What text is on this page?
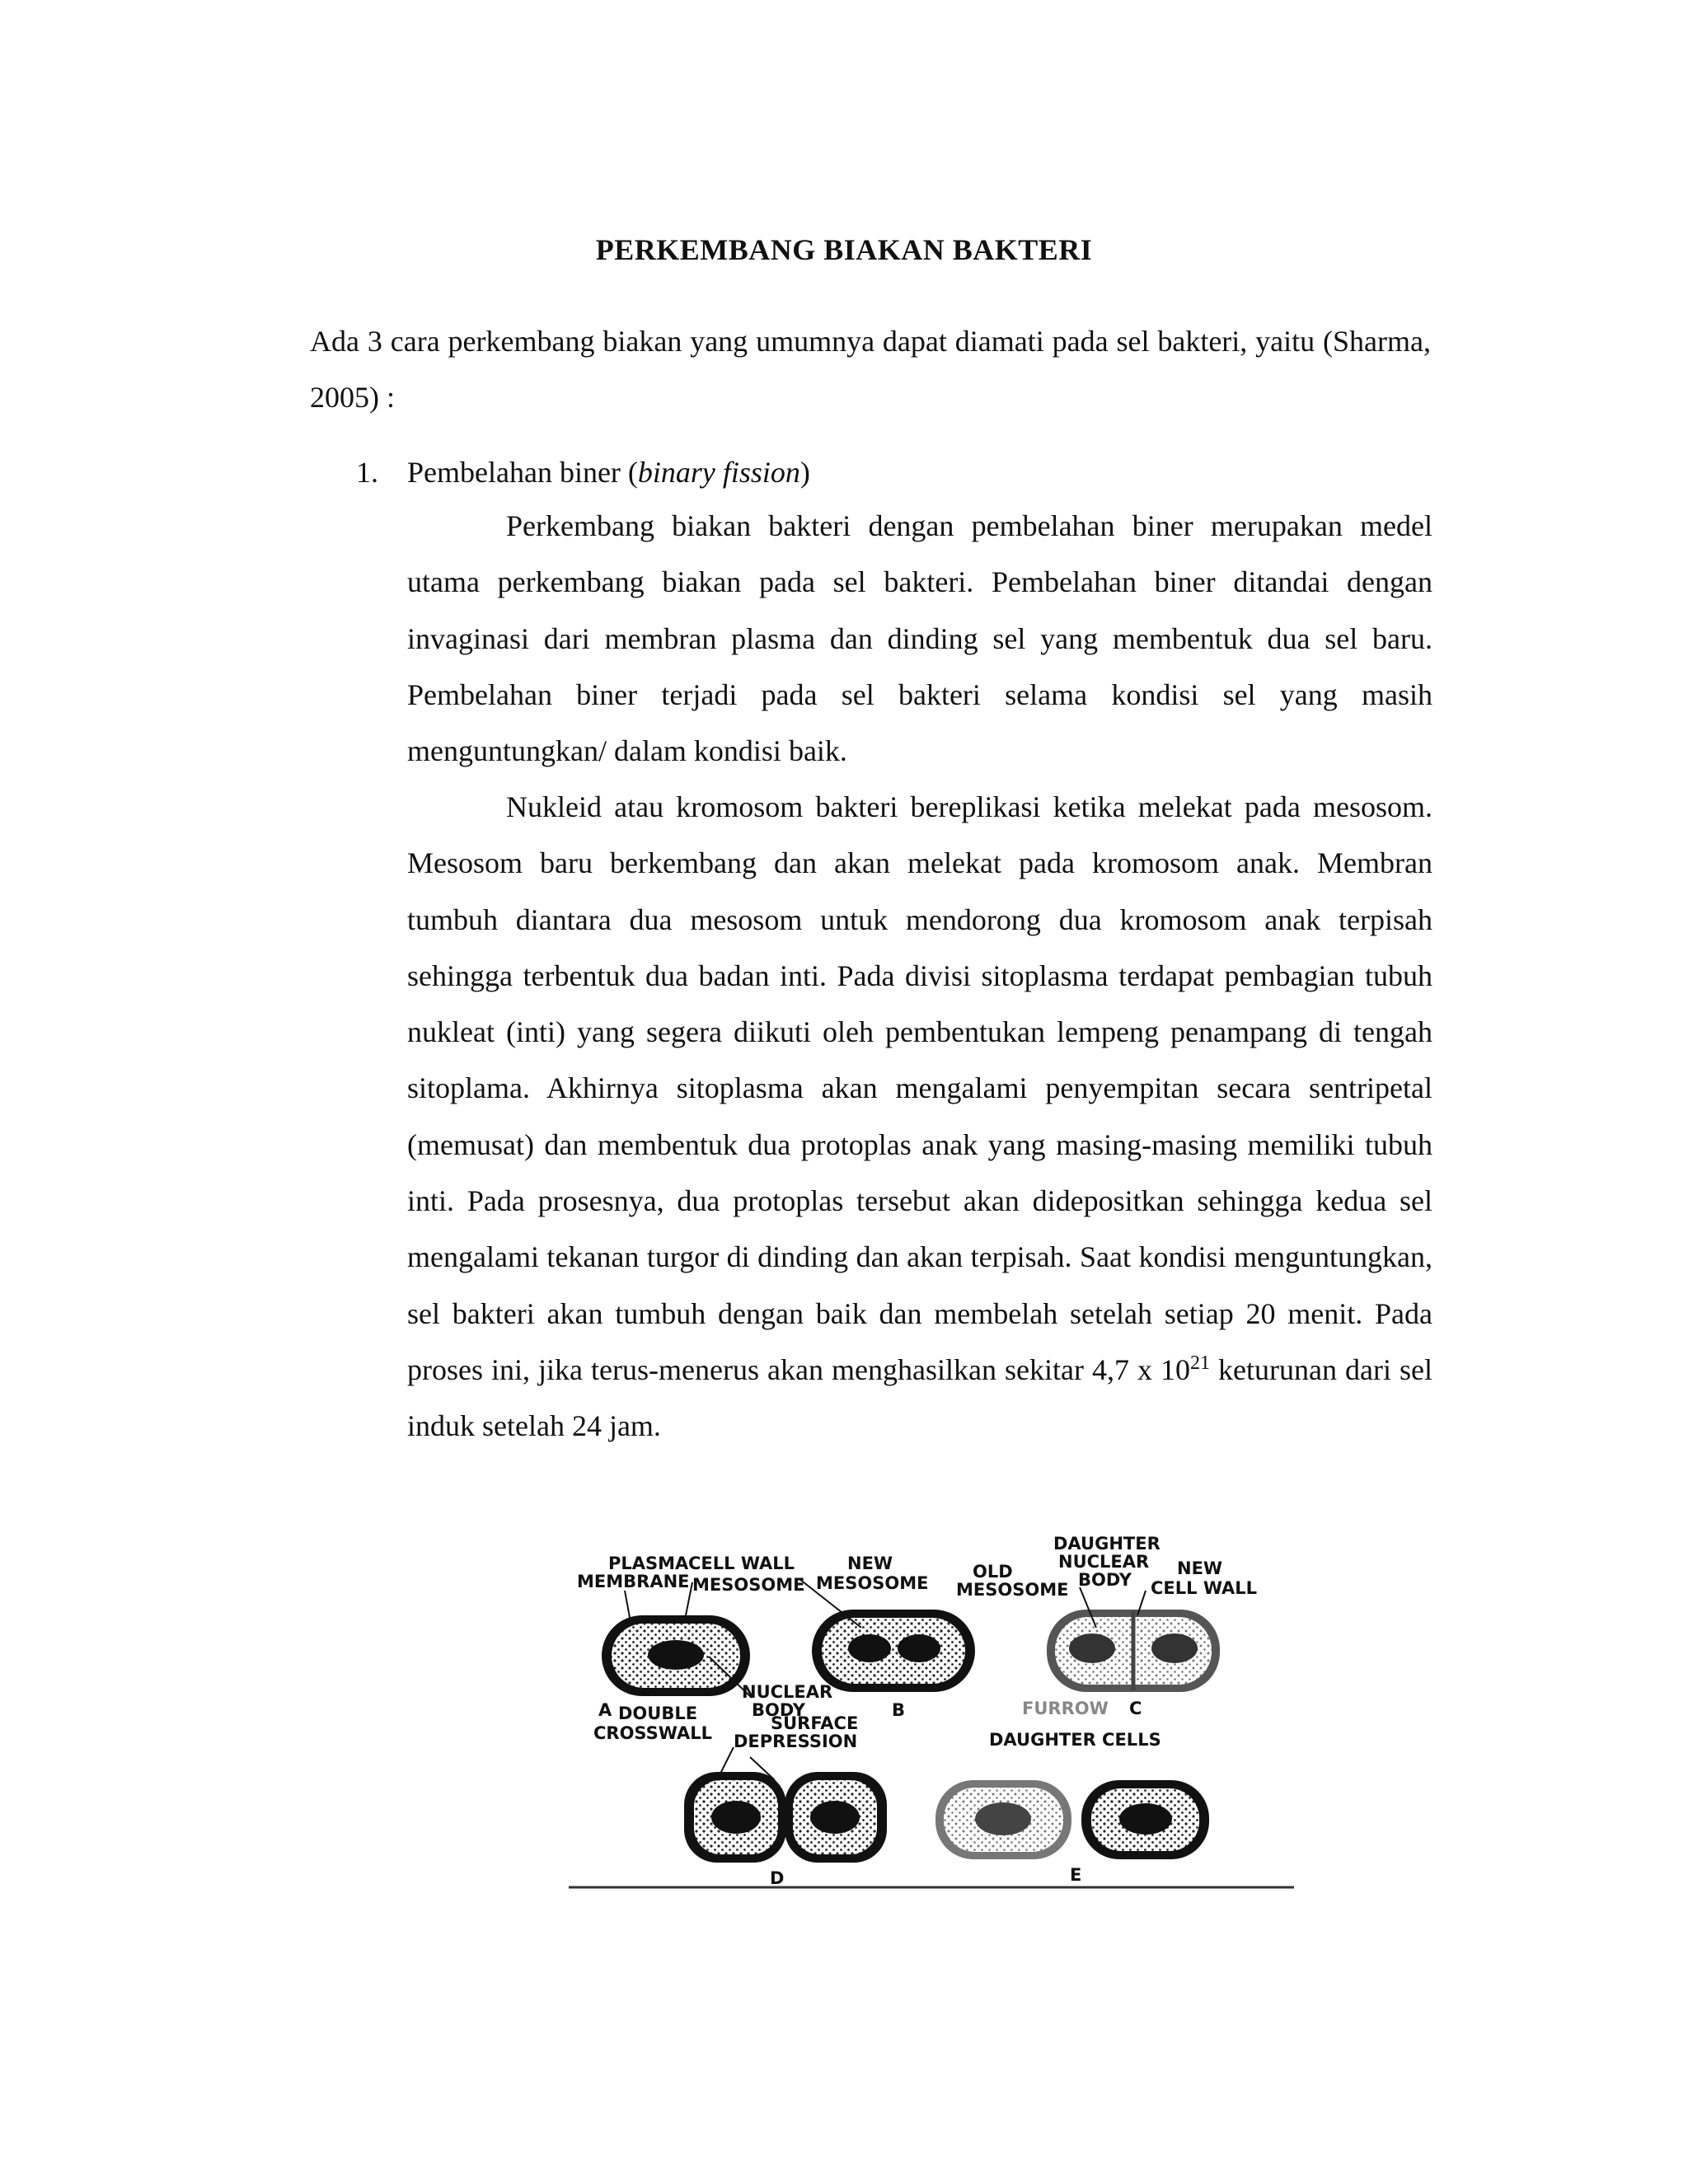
PERKEMBANG BIAKAN BAKTERI
Ada 3 cara perkembang biakan yang umumnya dapat diamati pada sel bakteri, yaitu (Sharma, 2005) :
1. Pembelahan biner (binary fission)

Perkembang biakan bakteri dengan pembelahan biner merupakan medel utama perkembang biakan pada sel bakteri. Pembelahan biner ditandai dengan invaginasi dari membran plasma dan dinding sel yang membentuk dua sel baru. Pembelahan biner terjadi pada sel bakteri selama kondisi sel yang masih menguntungkan/ dalam kondisi baik.

Nukleid atau kromosom bakteri bereplikasi ketika melekat pada mesosom. Mesosom baru berkembang dan akan melekat pada kromosom anak. Membran tumbuh diantara dua mesosom untuk mendorong dua kromosom anak terpisah sehingga terbentuk dua badan inti. Pada divisi sitoplasma terdapat pembagian tubuh nukleat (inti) yang segera diikuti oleh pembentukan lempeng penampang di tengah sitoplama. Akhirnya sitoplasma akan mengalami penyempitan secara sentripetal (memusat) dan membentuk dua protoplas anak yang masing-masing memiliki tubuh inti. Pada prosesnya, dua protoplas tersebut akan didepositkan sehingga kedua sel mengalami tekanan turgor di dinding dan akan terpisah. Saat kondisi menguntungkan, sel bakteri akan tumbuh dengan baik dan membelah setelah setiap 20 menit. Pada proses ini, jika terus-menerus akan menghasilkan sekitar 4,7 x $10^{21}$ keturunan dari sel induk setelah 24 jam.

PLASMA
MEMBRANE
CELL WALL
MESOSOME
NEW
MESOSOME
OLD
MESOSOME
DAUGHTER
NUCLEAR
BODY
NEW
CELL WALL
NUCLEAR
BODY	FURROW
DOUBLE
CROSSWALL	SURFACE
DEPRESSION	DAUGHTER CELLS
A	B	C
D	E
